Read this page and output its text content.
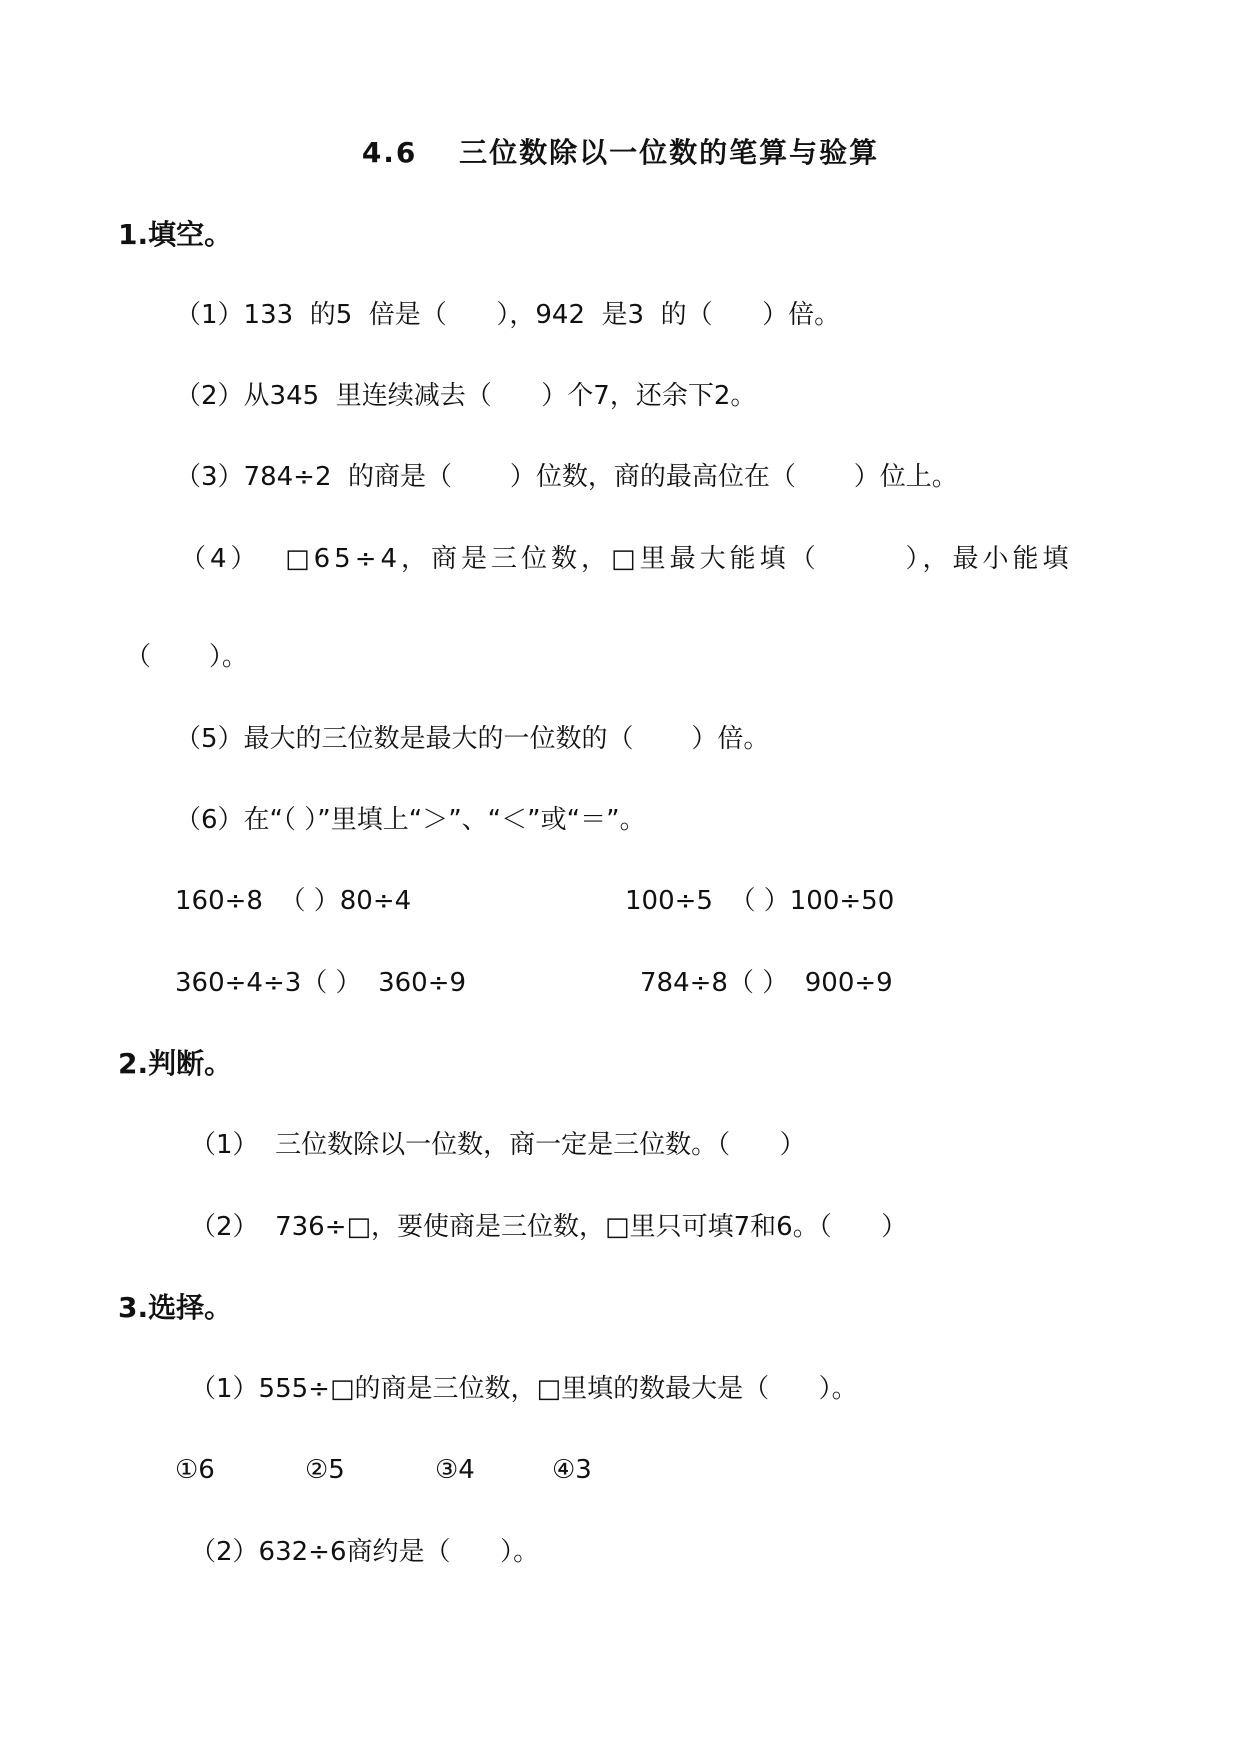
4.6　 三位数除以一位数的笔算与验算
1.填空。
（1）133  的5  倍是（      ），942  是3  的（      ）倍。
（2）从345  里连续减去（      ）个7，还余下2。
（3）784÷2  的商是（       ）位数，商的最高位在（       ）位上。
（4）  □65÷4，商是三位数，□里最大能填（       ），最小能填
（       ）。
（5）最大的三位数是最大的一位数的（       ）倍。
（6）在“（ ）”里填上“＞”、“＜”或“＝”。
160÷8  （ ）80÷4	100÷5  （ ）100÷50
360÷4÷3（ ）  360÷9	784÷8（ ）  900÷9
2.判断。
（1）  三位数除以一位数，商一定是三位数。（      ）
（2）  736÷□，要使商是三位数，□里只可填7和6。（      ）
3.选择。
（1）555÷□的商是三位数，□里填的数最大是（      ）。
①6	②5	③4	④3
（2）632÷6商约是（      ）。
